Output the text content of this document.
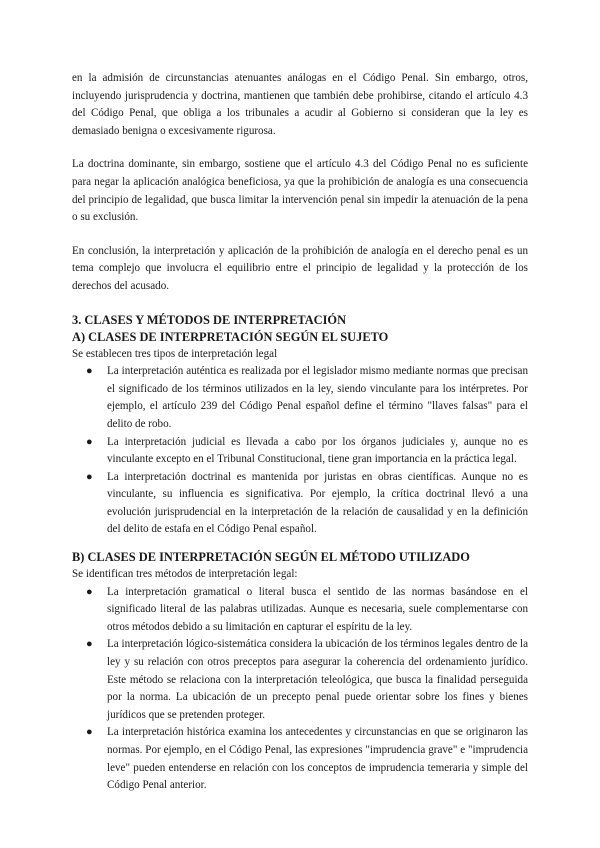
en la admisión de circunstancias atenuantes análogas en el Código Penal. Sin embargo, otros, incluyendo jurisprudencia y doctrina, mantienen que también debe prohibirse, citando el artículo 4.3 del Código Penal, que obliga a los tribunales a acudir al Gobierno si consideran que la ley es demasiado benigna o excesivamente rigurosa.

La doctrina dominante, sin embargo, sostiene que el artículo 4.3 del Código Penal no es suficiente para negar la aplicación analógica beneficiosa, ya que la prohibición de analogía es una consecuencia del principio de legalidad, que busca limitar la intervención penal sin impedir la atenuación de la pena o su exclusión.

En conclusión, la interpretación y aplicación de la prohibición de analogía en el derecho penal es un tema complejo que involucra el equilibrio entre el principio de legalidad y la protección de los derechos del acusado.

3. CLASES Y MÉTODOS DE INTERPRETACIÓN
A) CLASES DE INTERPRETACIÓN SEGÚN EL SUJETO

Se establecen tres tipos de interpretación legal

● La interpretación auténtica es realizada por el legislador mismo mediante normas que precisan el significado de los términos utilizados en la ley, siendo vinculante para los intérpretes. Por ejemplo, el artículo 239 del Código Penal español define el término "llaves falsas" para el delito de robo.
● La interpretación judicial es llevada a cabo por los órganos judiciales y, aunque no es vinculante excepto en el Tribunal Constitucional, tiene gran importancia en la práctica legal.
● La interpretación doctrinal es mantenida por juristas en obras científicas. Aunque no es vinculante, su influencia es significativa. Por ejemplo, la crítica doctrinal llevó a una evolución jurisprudencial en la interpretación de la relación de causalidad y en la definición del delito de estafa en el Código Penal español.
B) CLASES DE INTERPRETACIÓN SEGÚN EL MÉTODO UTILIZADO

Se identifican tres métodos de interpretación legal:

● La interpretación gramatical o literal busca el sentido de las normas basándose en el significado literal de las palabras utilizadas. Aunque es necesaria, suele complementarse con otros métodos debido a su limitación en capturar el espíritu de la ley.
● La interpretación lógico-sistemática considera la ubicación de los términos legales dentro de la ley y su relación con otros preceptos para asegurar la coherencia del ordenamiento jurídico. Este método se relaciona con la interpretación teleológica, que busca la finalidad perseguida por la norma. La ubicación de un precepto penal puede orientar sobre los fines y bienes jurídicos que se pretenden proteger.
● La interpretación histórica examina los antecedentes y circunstancias en que se originaron las normas. Por ejemplo, en el Código Penal, las expresiones "imprudencia grave" e "imprudencia leve" pueden entenderse en relación con los conceptos de imprudencia temeraria y simple del Código Penal anterior.
